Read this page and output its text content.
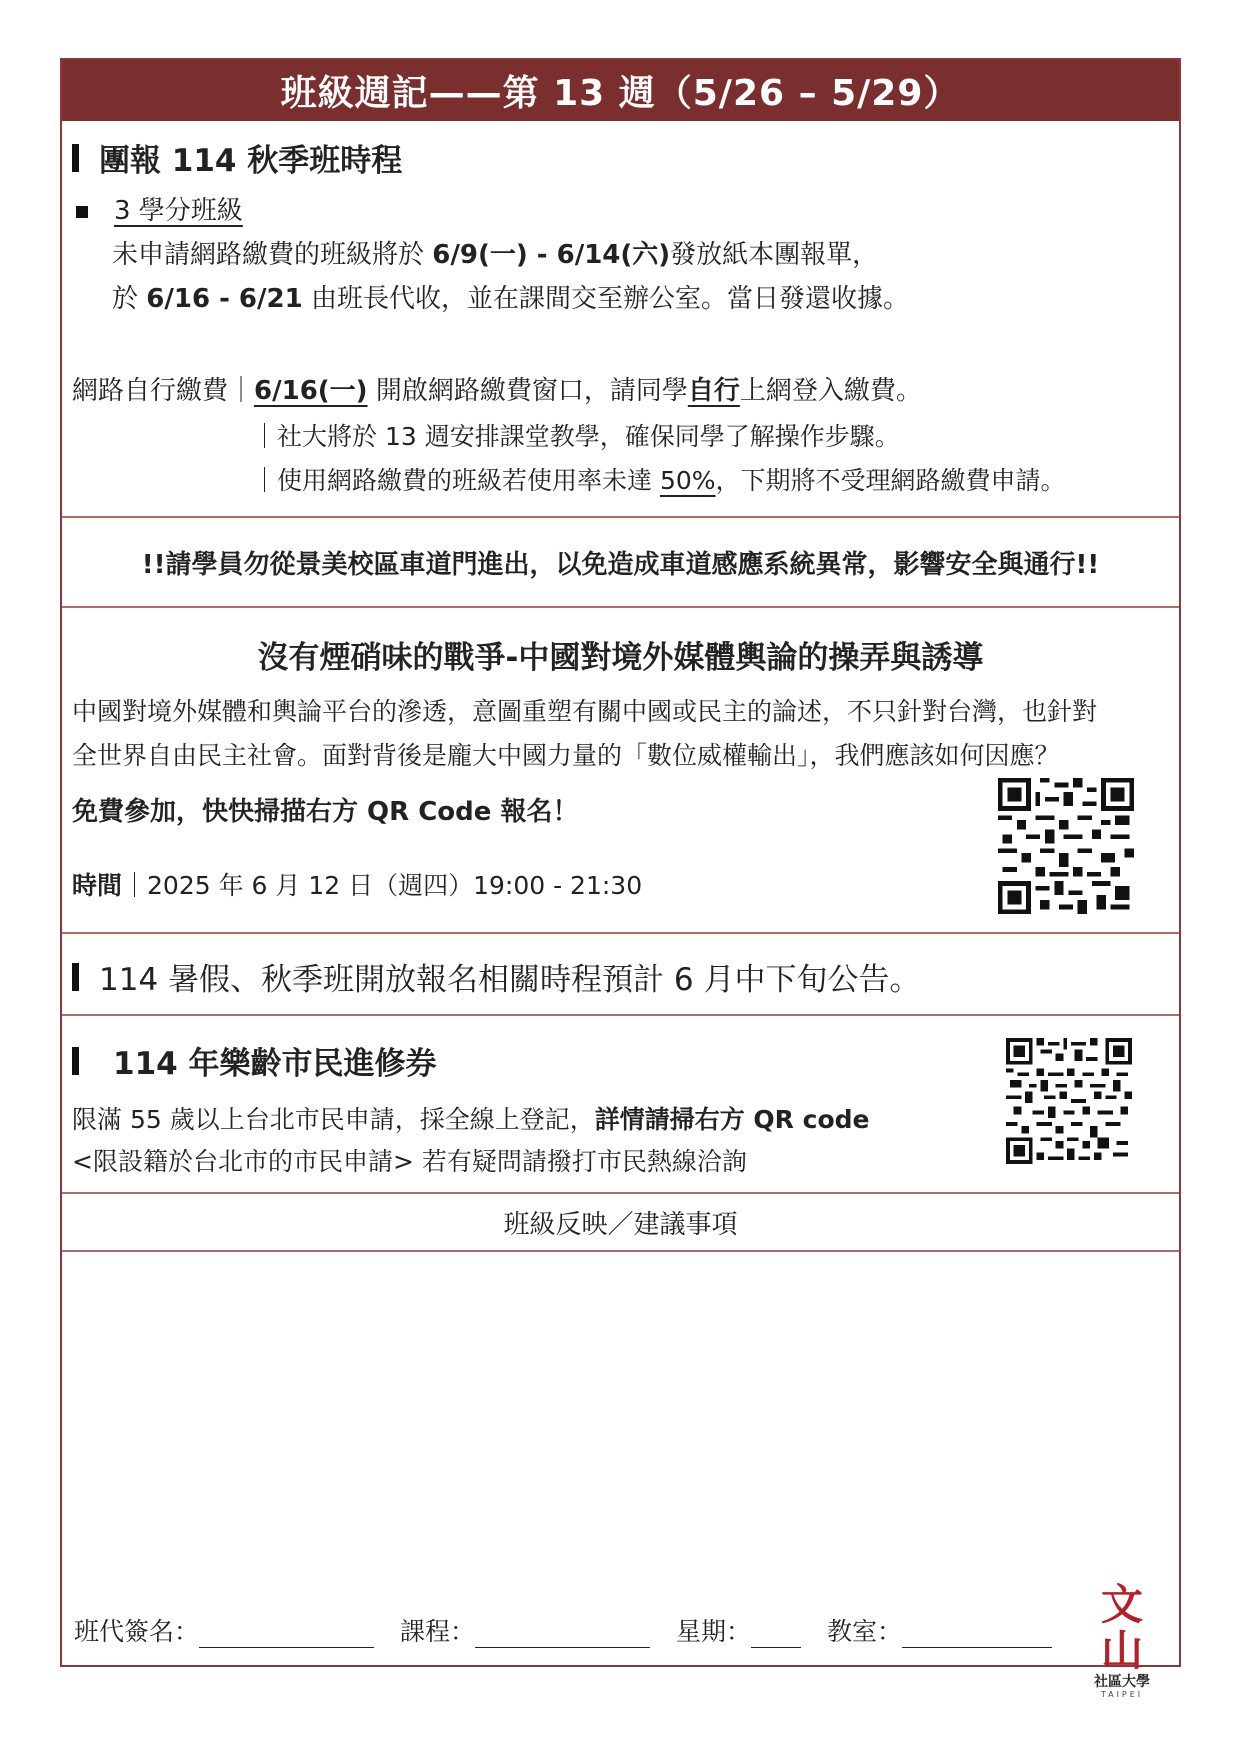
班級週記——第 13 週（5/26 – 5/29）
團報 114 秋季班時程
3 學分班級
未申請網路繳費的班級將於 6/9(一) - 6/14(六)發放紙本團報單，
於 6/16 - 6/21 由班長代收，並在課間交至辦公室。當日發還收據。
網路自行繳費｜6/16(一) 開啟網路繳費窗口，請同學自行上網登入繳費。
｜社大將於 13 週安排課堂教學，確保同學了解操作步驟。
｜使用網路繳費的班級若使用率未達 50%，下期將不受理網路繳費申請。
!!請學員勿從景美校區車道門進出，以免造成車道感應系統異常，影響安全與通行!!
沒有煙硝味的戰爭-中國對境外媒體輿論的操弄與誘導
中國對境外媒體和輿論平台的滲透，意圖重塑有關中國或民主的論述，不只針對台灣，也針對
全世界自由民主社會。面對背後是龐大中國力量的「數位威權輸出」，我們應該如何因應？
免費參加，快快掃描右方 QR Code 報名！
時間｜2025 年 6 月 12 日（週四）19:00 - 21:30
114 暑假、秋季班開放報名相關時程預計 6 月中下旬公告。
114 年樂齡市民進修券
限滿 55 歲以上台北市民申請，採全線上登記，詳情請掃右方 QR code
<限設籍於台北市的市民申請> 若有疑問請撥打市民熱線洽詢
班級反映／建議事項
班代簽名：	課程：	星期：	教室：
文山
社區大學
TAIPEI
